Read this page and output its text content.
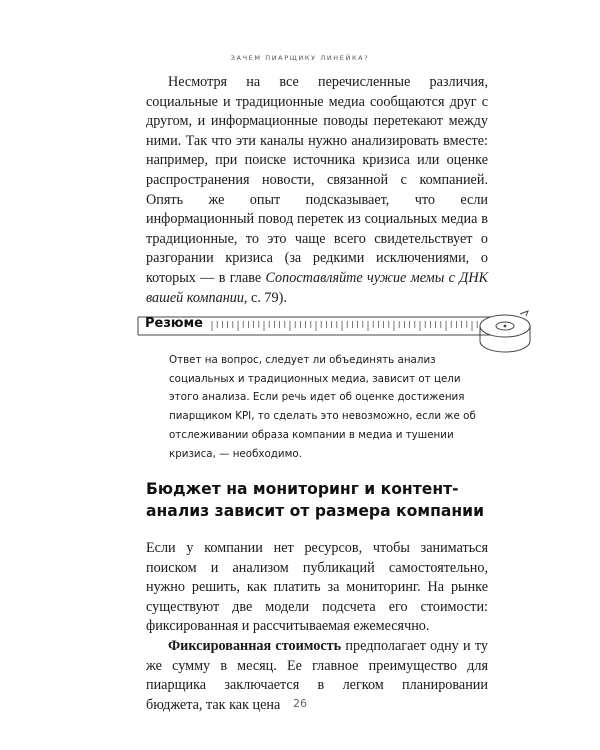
ЗАЧЕМ ПИАРЩИКУ ЛИНЕЙКА?

Несмотря на все перечисленные различия, социальные и традиционные медиа сообщаются друг с другом, и информационные поводы перетекают между ними. Так что эти каналы нужно анализировать вместе: например, при поиске источника кризиса или оценке распространения новости, связанной с компанией. Опять же опыт подсказывает, что если информационный повод перетек из социальных медиа в традиционные, то это чаще всего свидетельствует о разгорании кризиса (за редкими исключениями, о которых — в главе Сопоставляйте чужие мемы с ДНК вашей компании, с. 79).

Резюме
Ответ на вопрос, следует ли объединять анализ социальных и традиционных медиа, зависит от цели этого анализа. Если речь идет об оценке достижения пиарщиком KPI, то сделать это невозможно, если же об отслеживании образа компании в медиа и тушении кризиса, — необходимо.
Бюджет на мониторинг и контент-анализ зависит от размера компании

Если у компании нет ресурсов, чтобы заниматься поиском и анализом публикаций самостоятельно, нужно решить, как платить за мониторинг. На рынке существуют две модели подсчета его стоимости: фиксированная и рассчитываемая ежемесячно.

Фиксированная стоимость предполагает одну и ту же сумму в месяц. Ее главное преимущество для пиарщика заключается в легком планировании бюджета, так как цена	26
